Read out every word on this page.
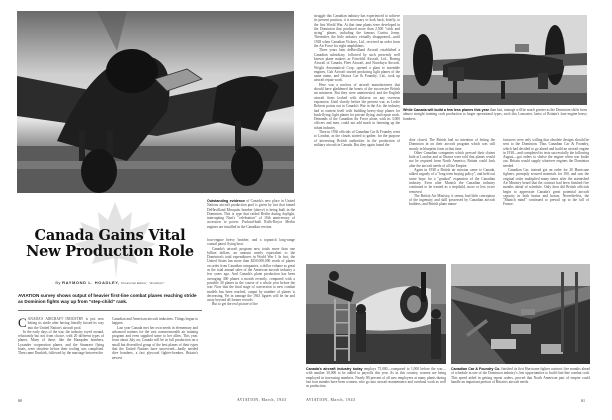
Outstanding evidence of Canada's new place in United Nations aircraft production pool is given by fact that famed DeHavilland Mosquito bomber (above) is being built in the Dominion. This is type that raided Berlin during daylight, interrupting Nazi's "celebration" of 10th anniversary of accession to power. Packard-built Rolls-Royce Merlin engines are installed in the Canadian version.
Canada Gains Vital
New Production Role
By RAYMOND L. HOADLEY, Financial Editor, "Aviation"
AVIATION survey shows output of heavier first-line combat planes reaching stride as Dominion fights way up from "step-child" rank.

CANADA'S AIRCRAFT INDUSTRY is just now hitting its stride after having literally fussed its way into the United Nation's aircraft pool.

In the early days of the war, the industry toyed around, reluctantly but not from choice, with 20 different types of planes. Many of these, like the Hampden bombers, Lysander cooperation planes, and the Stranraer flying boats, were obsolete before their tooling was completed. Then came Dunkirk, followed by the marriage between the

Canadian and American aircraft industries. Things began to happen.

Last year Canada met her own needs in elementary and advanced trainers for the vast commonwealth air training program and even supplied some to her allies. This year, from about July on, Canada will be in full production on a small but diversified group of the best planes of their types that the United Nations have uncovered—badly needed dive bombers, a fast plywood fighter-bomber, Britain's newest

four-engine heavy bomber, and a topnotch long-range coastal patrol flying boat.

Canada's aircraft program now totals more than one billion dollars, an amount nearly equivalent to the Dominion's total expenditures in World War I. In fact, the United States has more than $250,000,000 worth of planes on order from Canadian companies, a dollar volume as great as the total annual sales of the American aircraft industry a few years ago. And Canada's plane production has been averaging 400 planes a month recently, compared with a possible 40 planes in the course of a whole year before the war. Now that the final stage of conversion to new combat models has been reached, output by number of planes is decreasing. Yet in tonnage the 1943 figures will be far and away beyond all former records.

But to get the real picture of the

60	AVIATION, March, 1943

struggle this Canadian industry has experienced to achieve its present position, it is necessary to look back, briefly, to the first World War. At that time plants were developed in the Dominion that produced more than 2,500 "stick and string" planes, including the famous Curtiss Jenny. Thereafter, the little industry virtually disappeared—until 1928 when Canadian Vickers, Ltd., received an order from the Air Force for eight amphibians.

Three years later deHavilland Aircraft established a Canadian subsidiary, followed by such presently well known plane makers as Fairchild Aircraft, Ltd., Boeing Aircraft of Canada, Fleet Aircraft, and Noorduyn Aircraft. Wright Aeronautical Corp. opened a plant to assemble engines, Cub Aircraft started producing light planes of the same name, and Ottawa Car & Foundry, Ltd., took up aircraft repair work.

Here was a nucleus of aircraft manufacturers that should have gladdened the hearts of the successive British air ministers. But they were uninterested, and the English aircraft firms looked with disfavor on any overseas expansion. Until shortly before the present war, as Leslie Roberts points out in Canada's War in the Air, the industry had to content itself with building heavy-duty planes for bush-flying, light planes for private flying, and repair work. Demands of the Canadian Air Force alone, with its 3,000 officers and men, could not add much in fattening up the infant industry.

Then in 1936 officials of Canadian Car & Foundry went to London, as the clouds started to gather, for the purpose of interesting British authorities in the production of military aircraft in Canada. But they again found the

While Canada will build a few less planes this year than last, tonnage will be much greater as the Dominion shifts from almost straight training craft production to larger operational types, such this Lancaster, latest of Britain's four-engine heavy bombers.

door closed. The British had no intention of letting the Dominion in on their aircraft program which was still mostly in blueprint form at that time.

Other Canadian companies which pressed their claims both at London and at Ottawa were told that planes would not be required from North America; Britain could look after the aircraft needs of all the Empire.

Again in 1938 a British air mission came to Canada, talked vaguely of a "long term buying policy", and held out some hope for a "gradual" expansion of the Canadian industry. Even after Munich the Canadian industry continued to be treated as a stepchild, more or less twice removed.

The British Air Ministry, it seems, had little conception of the ingenuity and skill possessed by Canadian aircraft builders, and British plane manu-

facturers were only willing that obsolete designs should be sent to the Dominion. Thus Canadian Car & Foundry, which had decided to go ahead and build an aircraft engine in 1938—and completed its tests successfully the following August—got orders to shelve the engine when war broke out. Britain would supply whatever engines the Dominion needed.

Canadian Car, instead got an order for 20 Hurricane fighters, promptly secured materials for 100, and saw the original order multiplied many times after the astonished Air Ministry heard that the contract had been finished five months ahead of schedule. Only then did British officials begin to appreciate Canada's great potential aircraft capacity in both brains and brawn. Nevertheless, the "Munich mind" continued to prevail up to the fall of France.

Canada's aircraft industry today employs 75,000—compared to 1,000 before the war—with another 30,000 to be added to payrolls this year. As in this country, women are being employed in increasing numbers. Nearly 80 percent of all new employees at many plants during last four months have been women, who go into aircraft maintenance and overhaul work as well as production.
Canadian Car & Foundry Co. finished its first Hurricane fighter contract five months ahead of schedule in one of the Dominion industry's first opportunities to build first-line combat craft. This speed aided in getting repeat orders, proved that North American part of empire could handle an important portion of Britain's aircraft needs.
AVIATION, March, 1943	61
